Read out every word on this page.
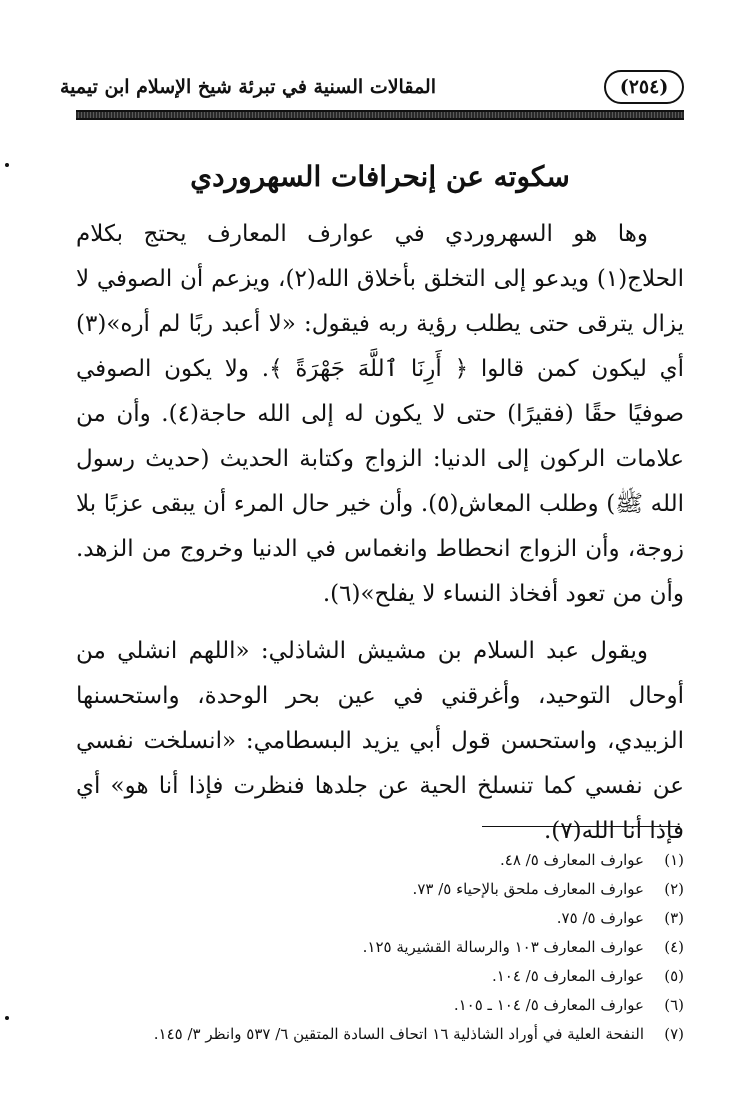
المقالات السنية في تبرئة شيخ الإسلام ابن تيمية	(٢٥٤)
سكوته عن إنحرافات السهروردي

وها هو السهروردي في عوارف المعارف يحتج بكلام الحلاج(١) ويدعو إلى التخلق بأخلاق الله(٢)، ويزعم أن الصوفي لا يزال يترقى حتى يطلب رؤية ربه فيقول: «لا أعبد ربًا لم أره»(٣) أي ليكون كمن قالوا ﴿ أَرِنَا ٱللَّهَ جَهْرَةً ﴾. ولا يكون الصوفي صوفيًا حقًا (فقيرًا) حتى لا يكون له إلى الله حاجة(٤). وأن من علامات الركون إلى الدنيا: الزواج وكتابة الحديث (حديث رسول الله ﷺ) وطلب المعاش(٥). وأن خير حال المرء أن يبقى عزبًا بلا زوجة، وأن الزواج انحطاط وانغماس في الدنيا وخروج من الزهد. وأن من تعود أفخاذ النساء لا يفلح»(٦).

ويقول عبد السلام بن مشيش الشاذلي: «اللهم انشلي من أوحال التوحيد، وأغرقني في عين بحر الوحدة، واستحسنها الزبيدي، واستحسن قول أبي يزيد البسطامي: «انسلخت نفسي عن نفسي كما تنسلخ الحية عن جلدها فنظرت فإذا أنا هو» أي فإذا أنا الله(٧).

(١)
عوارف المعارف ٥/ ٤٨.
(٢)
عوارف المعارف ملحق بالإحياء ٥/ ٧٣.
(٣)
عوارف ٥/ ٧٥.
(٤)
عوارف المعارف ١٠٣ والرسالة القشيرية ١٢٥.
(٥)
عوارف المعارف ٥/ ١٠٤.
(٦)
عوارف المعارف ٥/ ١٠٤ ـ ١٠٥.
(٧)
النفحة العلية في أوراد الشاذلية ١٦ اتحاف السادة المتقين ٦/ ٥٣٧ وانظر ٣/ ١٤٥.
